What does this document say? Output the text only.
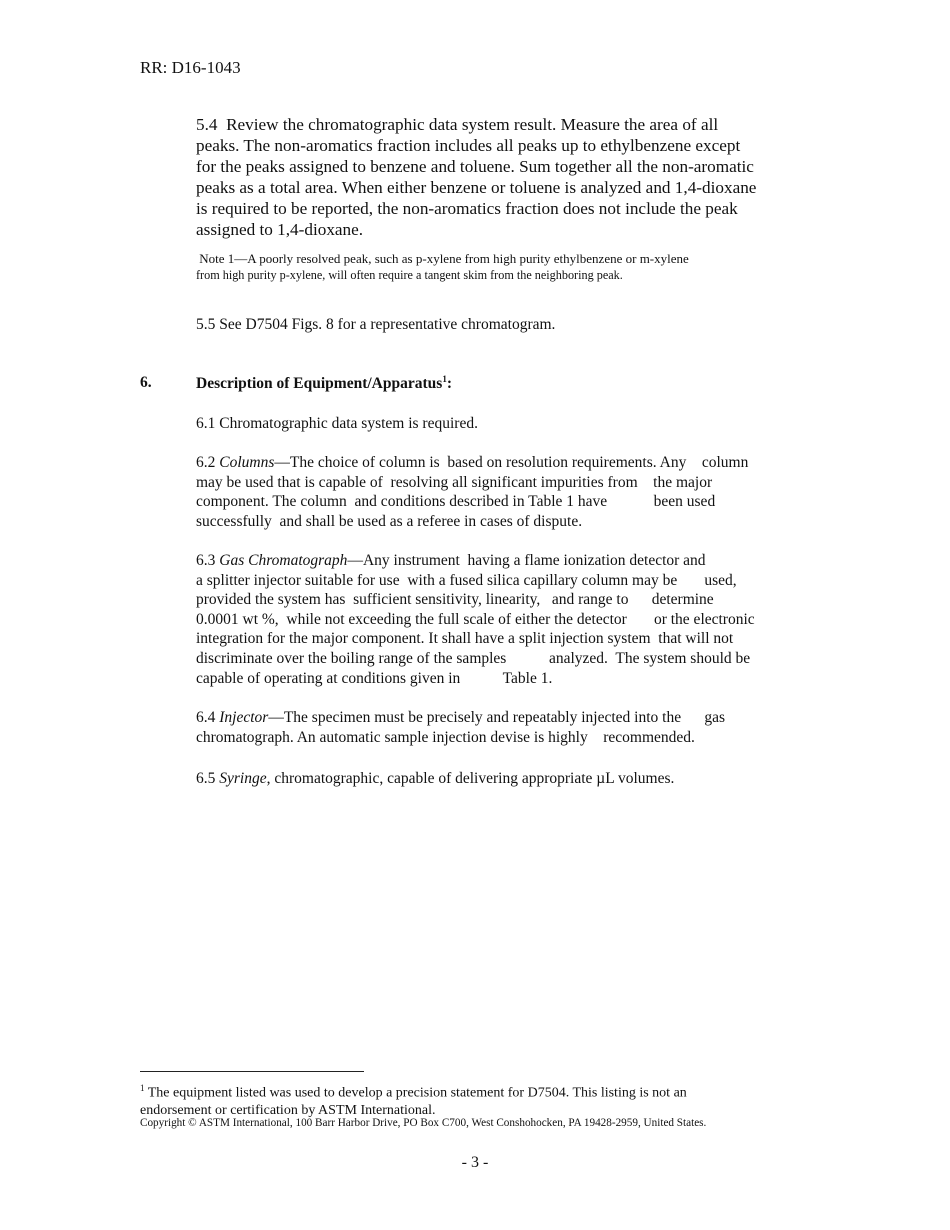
RR: D16-1043
5.4  Review the chromatographic data system result. Measure the area of all
peaks. The non-aromatics fraction includes all peaks up to ethylbenzene except
for the peaks assigned to benzene and toluene. Sum together all the non-aromatic
peaks as a total area. When either benzene or toluene is analyzed and 1,4-dioxane
is required to be reported, the non-aromatics fraction does not include the peak
assigned to 1,4-dioxane.
Note 1—A poorly resolved peak, such as p-xylene from high purity ethylbenzene or m-xylene
from high purity p-xylene, will often require a tangent skim from the neighboring peak.
5.5 See D7504 Figs. 8 for a representative chromatogram.
6.	Description of Equipment/Apparatus$^1$:
6.1 Chromatographic data system is required.
6.2 Columns—The choice of column is  based on resolution requirements. Any    column
may be used that is capable of  resolving all significant impurities from    the major
component. The column  and conditions described in Table 1 have            been used
successfully  and shall be used as a referee in cases of dispute.
6.3 Gas Chromatograph—Any instrument  having a flame ionization detector and
a splitter injector suitable for use  with a fused silica capillary column may be       used,
provided the system has  sufficient sensitivity, linearity,   and range to      determine
0.0001 wt %,  while not exceeding the full scale of either the detector       or the electronic
integration for the major component. It shall have a split injection system  that will not
discriminate over the boiling range of the samples           analyzed.  The system should be
capable of operating at conditions given in           Table 1.
6.4 Injector—The specimen must be precisely and repeatably injected into the      gas
chromatograph. An automatic sample injection devise is highly    recommended.
6.5 Syringe, chromatographic, capable of delivering appropriate µL volumes.
$^1$ The equipment listed was used to develop a precision statement for D7504. This listing is not an
endorsement or certification by ASTM International.
Copyright © ASTM International, 100 Barr Harbor Drive, PO Box C700, West Conshohocken, PA 19428-2959, United States.
- 3 -
